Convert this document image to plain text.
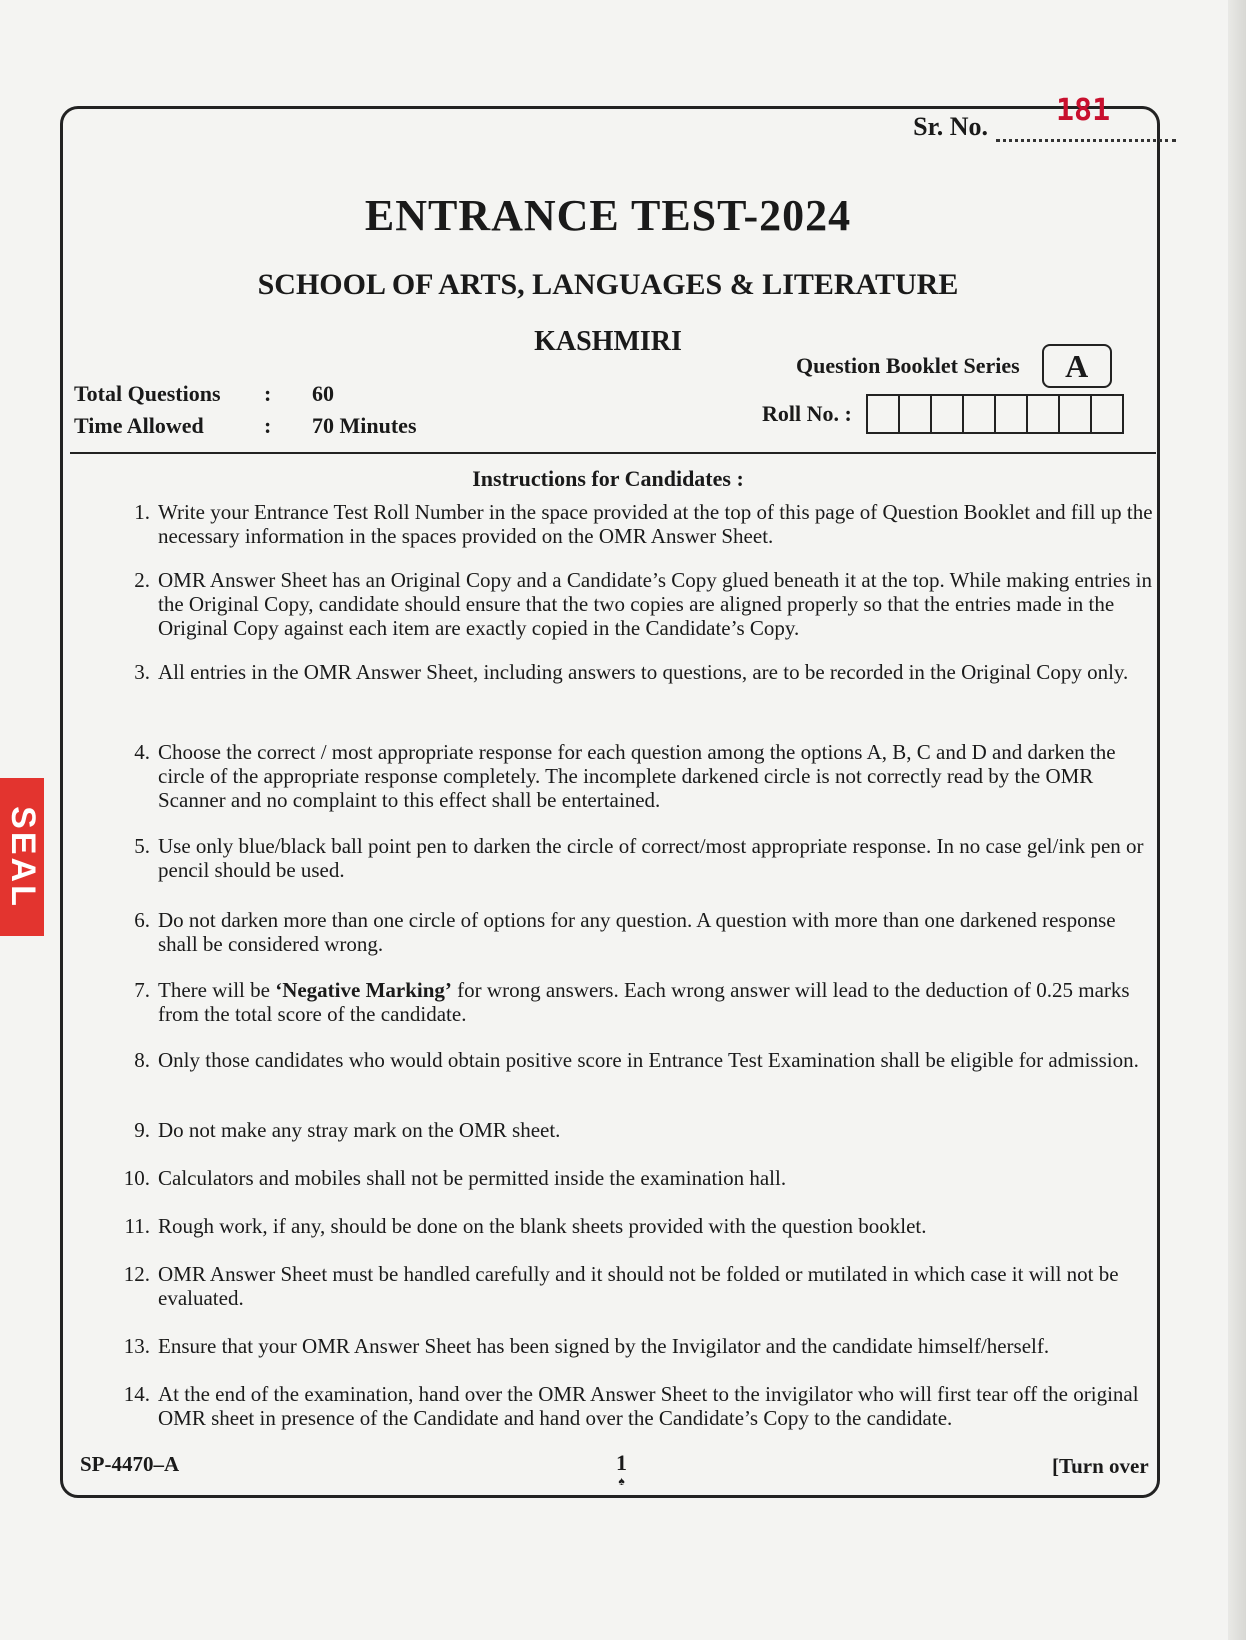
Sr. No. 181
ENTRANCE TEST-2024
SCHOOL OF ARTS, LANGUAGES & LITERATURE
KASHMIRI
Total Questions	:	60
Time Allowed	:	70 Minutes
Question Booklet Series	A
Roll No. :
Instructions for Candidates :
1. Write your Entrance Test Roll Number in the space provided at the top of this page of Question Booklet and fill up the necessary information in the spaces provided on the OMR Answer Sheet.
2. OMR Answer Sheet has an Original Copy and a Candidate’s Copy glued beneath it at the top. While making entries in the Original Copy, candidate should ensure that the two copies are aligned properly so that the entries made in the Original Copy against each item are exactly copied in the Candidate’s Copy.
3. All entries in the OMR Answer Sheet, including answers to questions, are to be recorded in the Original Copy only.
4. Choose the correct / most appropriate response for each question among the options A, B, C and D and darken the circle of the appropriate response completely. The incomplete darkened circle is not correctly read by the OMR Scanner and no complaint to this effect shall be entertained.
5. Use only blue/black ball point pen to darken the circle of correct/most appropriate response. In no case gel/ink pen or pencil should be used.
6. Do not darken more than one circle of options for any question. A question with more than one darkened response shall be considered wrong.
7. There will be ‘Negative Marking’ for wrong answers. Each wrong answer will lead to the deduction of 0.25 marks from the total score of the candidate.
8. Only those candidates who would obtain positive score in Entrance Test Examination shall be eligible for admission.
9. Do not make any stray mark on the OMR sheet.
10. Calculators and mobiles shall not be permitted inside the examination hall.
11. Rough work, if any, should be done on the blank sheets provided with the question booklet.
12. OMR Answer Sheet must be handled carefully and it should not be folded or mutilated in which case it will not be evaluated.
13. Ensure that your OMR Answer Sheet has been signed by the Invigilator and the candidate himself/herself.
14. At the end of the examination, hand over the OMR Answer Sheet to the invigilator who will first tear off the original OMR sheet in presence of the Candidate and hand over the Candidate’s Copy to the candidate.
SEAL
SP-4470–A	1
♠
[Turn over
